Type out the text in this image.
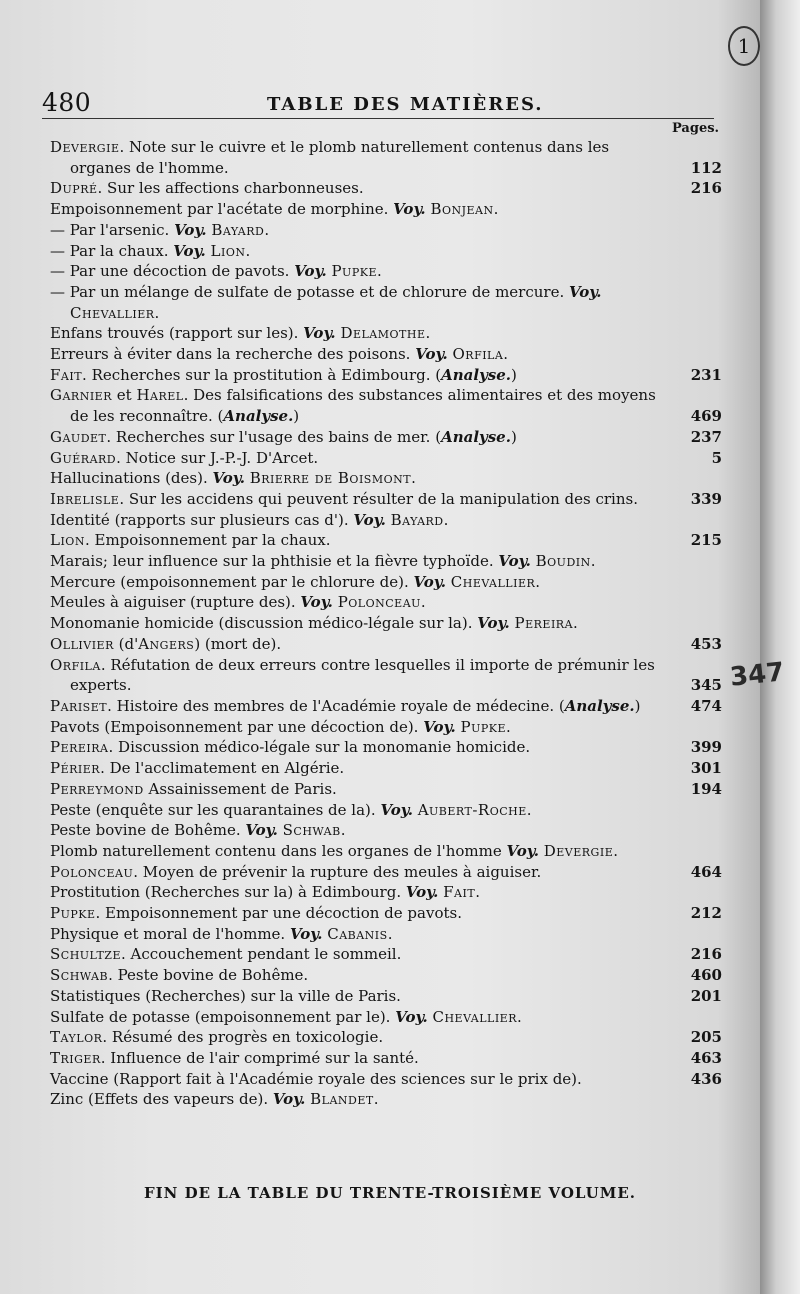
1
480	TABLE DES MATIÈRES.
Pages.
Devergie. Note sur le cuivre et le plomb naturellement contenus dans les organes de l'homme.	112
Dupré. Sur les affections charbonneuses.	216
Empoisonnement par l'acétate de morphine. Voy. Bonjean.
— Par l'arsenic. Voy. Bayard.
— Par la chaux. Voy. Lion.
— Par une décoction de pavots. Voy. Pupke.
— Par un mélange de sulfate de potasse et de chlorure de mercure. Voy. Chevallier.
Enfans trouvés (rapport sur les). Voy. Delamothe.
Erreurs à éviter dans la recherche des poisons. Voy. Orfila.
Fait. Recherches sur la prostitution à Edimbourg. (Analyse.)	231
Garnier et Harel. Des falsifications des substances alimentaires et des moyens de les reconnaître. (Analyse.)	469
Gaudet. Recherches sur l'usage des bains de mer. (Analyse.)	237
Guérard. Notice sur J.-P.-J. D'Arcet.	5
Hallucinations (des). Voy. Brierre de Boismont.
Ibrelisle. Sur les accidens qui peuvent résulter de la manipulation des crins.	339
Identité (rapports sur plusieurs cas d'). Voy. Bayard.
Lion. Empoisonnement par la chaux.	215
Marais; leur influence sur la phthisie et la fièvre typhoïde. Voy. Boudin.
Mercure (empoisonnement par le chlorure de). Voy. Chevallier.
Meules à aiguiser (rupture des). Voy. Polonceau.
Monomanie homicide (discussion médico-légale sur la). Voy. Pereira.
Ollivier (d'Angers) (mort de).	453
Orfila. Réfutation de deux erreurs contre lesquelles il importe de prémunir les experts.	345
Pariset. Histoire des membres de l'Académie royale de médecine. (Analyse.)	474
Pavots (Empoisonnement par une décoction de). Voy. Pupke.
Pereira. Discussion médico-légale sur la monomanie homicide.	399
Périer. De l'acclimatement en Algérie.	301
Perreymond Assainissement de Paris.	194
Peste (enquête sur les quarantaines de la). Voy. Aubert-Roche.
Peste bovine de Bohême. Voy. Schwab.
Plomb naturellement contenu dans les organes de l'homme Voy. Devergie.
Polonceau. Moyen de prévenir la rupture des meules à aiguiser.	464
Prostitution (Recherches sur la) à Edimbourg. Voy. Fait.
Pupke. Empoisonnement par une décoction de pavots.	212
Physique et moral de l'homme. Voy. Cabanis.
Schultze. Accouchement pendant le sommeil.	216
Schwab. Peste bovine de Bohême.	460
Statistiques (Recherches) sur la ville de Paris.	201
Sulfate de potasse (empoisonnement par le). Voy. Chevallier.
Taylor. Résumé des progrès en toxicologie.	205
Triger. Influence de l'air comprimé sur la santé.	463
Vaccine (Rapport fait à l'Académie royale des sciences sur le prix de).	436
Zinc (Effets des vapeurs de). Voy. Blandet.
347
FIN DE LA TABLE DU TRENTE-TROISIÈME VOLUME.
